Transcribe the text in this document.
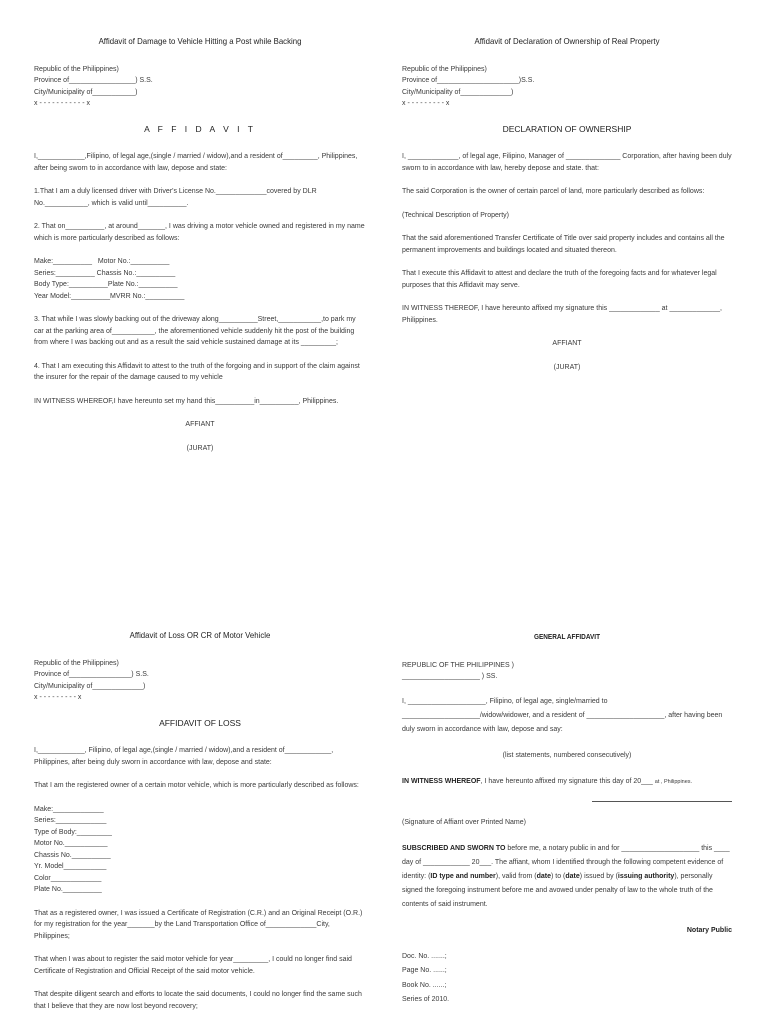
Affidavit of Damage to Vehicle Hitting a Post while Backing

Republic of the Philippines)

Province of_________________) S.S.

City/Municipality of___________)

x - - - - - - - - - - - x

A F F I D A V I T

I,____________,Filipino, of legal age,(single / married / widow),and a resident of_________, Philippines, after being sworn to in accordance with law, depose and state:

1.That I am a duly licensed driver with Driver's License No._____________covered by DLR No.___________, which is valid until__________.

2. That on__________, at around_______, I was driving a motor vehicle owned and registered in my name which is more particularly described as follows:

Make:__________   Motor No.:__________

Series:__________ Chassis No.:__________

Body Type:__________Plate No.:__________

Year Model:__________MVRR No.:__________

3. That while I was slowly backing out of the driveway along__________Street,___________,to park my car at the parking area of___________, the aforementioned vehicle suddenly hit the post of the building from where I was backing out and as a result the said vehicle sustained damage at its _________;

4. That I am executing this Affidavit to attest to the truth of the forgoing and in support of the claim against the insurer for the repair of the damage caused to my vehicle

IN WITNESS WHEREOF,I have hereunto set my hand this__________in__________, Philippines.

AFFIANT

(JURAT)

Affidavit of Declaration of Ownership of Real Property

Republic of the Philippines)

Province of_____________________)S.S.

City/Municipality of_____________)

x - - - - - - - - - x

DECLARATION OF OWNERSHIP

I, _____________, of legal age, Filipino, Manager of ______________ Corporation, after having been duly sworn to in accordance with law, hereby depose and state. that:

The said Corporation is the owner of certain parcel of land, more particularly described as follows:

(Technical Description of Property)

That the said aforementioned Transfer Certificate of Title over said property includes and contains all the permanent improvements and buildings located and situated thereon.

That I execute this Affidavit to attest and declare the truth of the foregoing facts and for whatever legal purposes that this Affidavit may serve.

IN WITNESS THEREOF, I have hereunto affixed my signature this _____________ at _____________, Philippines.

AFFIANT

(JURAT)

Affidavit of Loss OR CR of Motor Vehicle

Republic of the Philippines)

Province of________________) S.S.

City/Municipality of_____________)

x - - - - - - - - - x

AFFIDAVIT OF LOSS

I,____________, Filipino, of legal age,(single / married / widow),and a resident of____________, Philippines, after being duly sworn in accordance with law, depose and state:

That I am the registered owner of a certain motor vehicle, which is more particularly described as follows:

Make:_____________

Series:_____________

Type of Body:_________

Motor No.___________

Chassis No.__________

Yr. Model___________

Color_____________

Plate No.__________

That as a registered owner, I was issued a Certificate of Registration (C.R.) and an Original Receipt (O.R.) for my registration for the year_______by the Land Transportation Office of_____________City, Philippines;

That when I was about to register the said motor vehicle for year_________, I could no longer find said Certificate of Registration and Official Receipt of the said motor vehicle.

That despite diligent search and efforts to locate the said documents, I could no longer find the same such that I believe that they are now lost beyond recovery;

GENERAL AFFIDAVIT

REPUBLIC OF THE PHILIPPINES )

____________________ ) SS.

I, ____________________, Filipino, of legal age, single/married to ____________________/widow/widower, and a resident of ____________________, after having been duly sworn in accordance with law, depose and say:

(list statements, numbered consecutively)

IN WITNESS WHEREOF, I have hereunto affixed my signature this day of 20___ at , Philippines.

(Signature of Affiant over Printed Name)

SUBSCRIBED AND SWORN TO before me, a notary public in and for ____________________ this ____ day of ____________ 20___. The affiant, whom I identified through the following competent evidence of identity: (ID type and number), valid from (date) to (date) issued by (issuing authority), personally signed the foregoing instrument before me and avowed under penalty of law to the whole truth of the contents of said instrument.

Notary Public

Doc. No. .......;

Page No. ......;

Book No. ......;

Series of 2010.
